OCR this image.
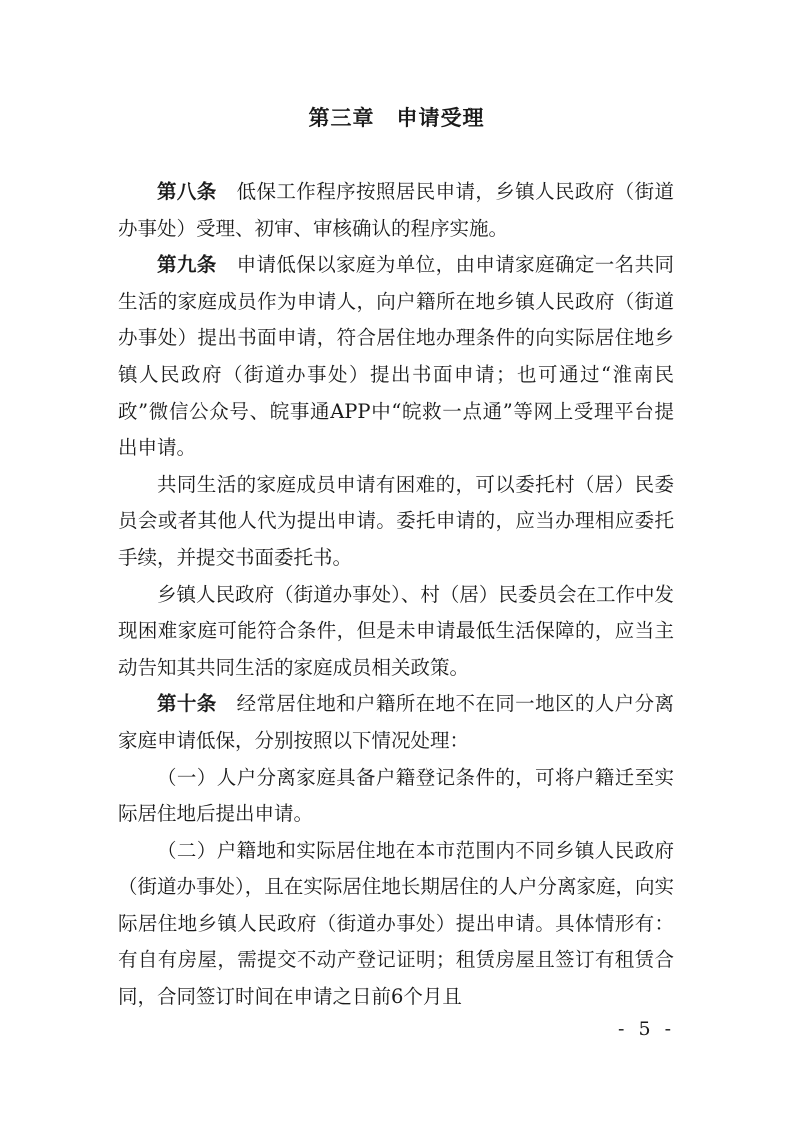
第三章　申请受理

第八条　 低保工作程序按照居民申请，乡镇人民政府（街道办事处）受理、初审、审核确认的程序实施。

第九条　 申请低保以家庭为单位，由申请家庭确定一名共同生活的家庭成员作为申请人，向户籍所在地乡镇人民政府（街道办事处）提出书面申请，符合居住地办理条件的向实际居住地乡镇人民政府（街道办事处）提出书面申请；也可通过“淮南民政”微信公众号、皖事通APP中“皖救一点通”等网上受理平台提出申请。

共同生活的家庭成员申请有困难的，可以委托村（居）民委员会或者其他人代为提出申请。委托申请的，应当办理相应委托手续，并提交书面委托书。

乡镇人民政府（街道办事处）、村（居）民委员会在工作中发现困难家庭可能符合条件，但是未申请最低生活保障的，应当主动告知其共同生活的家庭成员相关政策。

第十条　 经常居住地和户籍所在地不在同一地区的人户分离家庭申请低保，分别按照以下情况处理：

（一）人户分离家庭具备户籍登记条件的，可将户籍迁至实际居住地后提出申请。

（二）户籍地和实际居住地在本市范围内不同乡镇人民政府（街道办事处），且在实际居住地长期居住的人户分离家庭，向实际居住地乡镇人民政府（街道办事处）提出申请。具体情形有：有自有房屋，需提交不动产登记证明；租赁房屋且签订有租赁合同，合同签订时间在申请之日前6个月且

- 5 -
